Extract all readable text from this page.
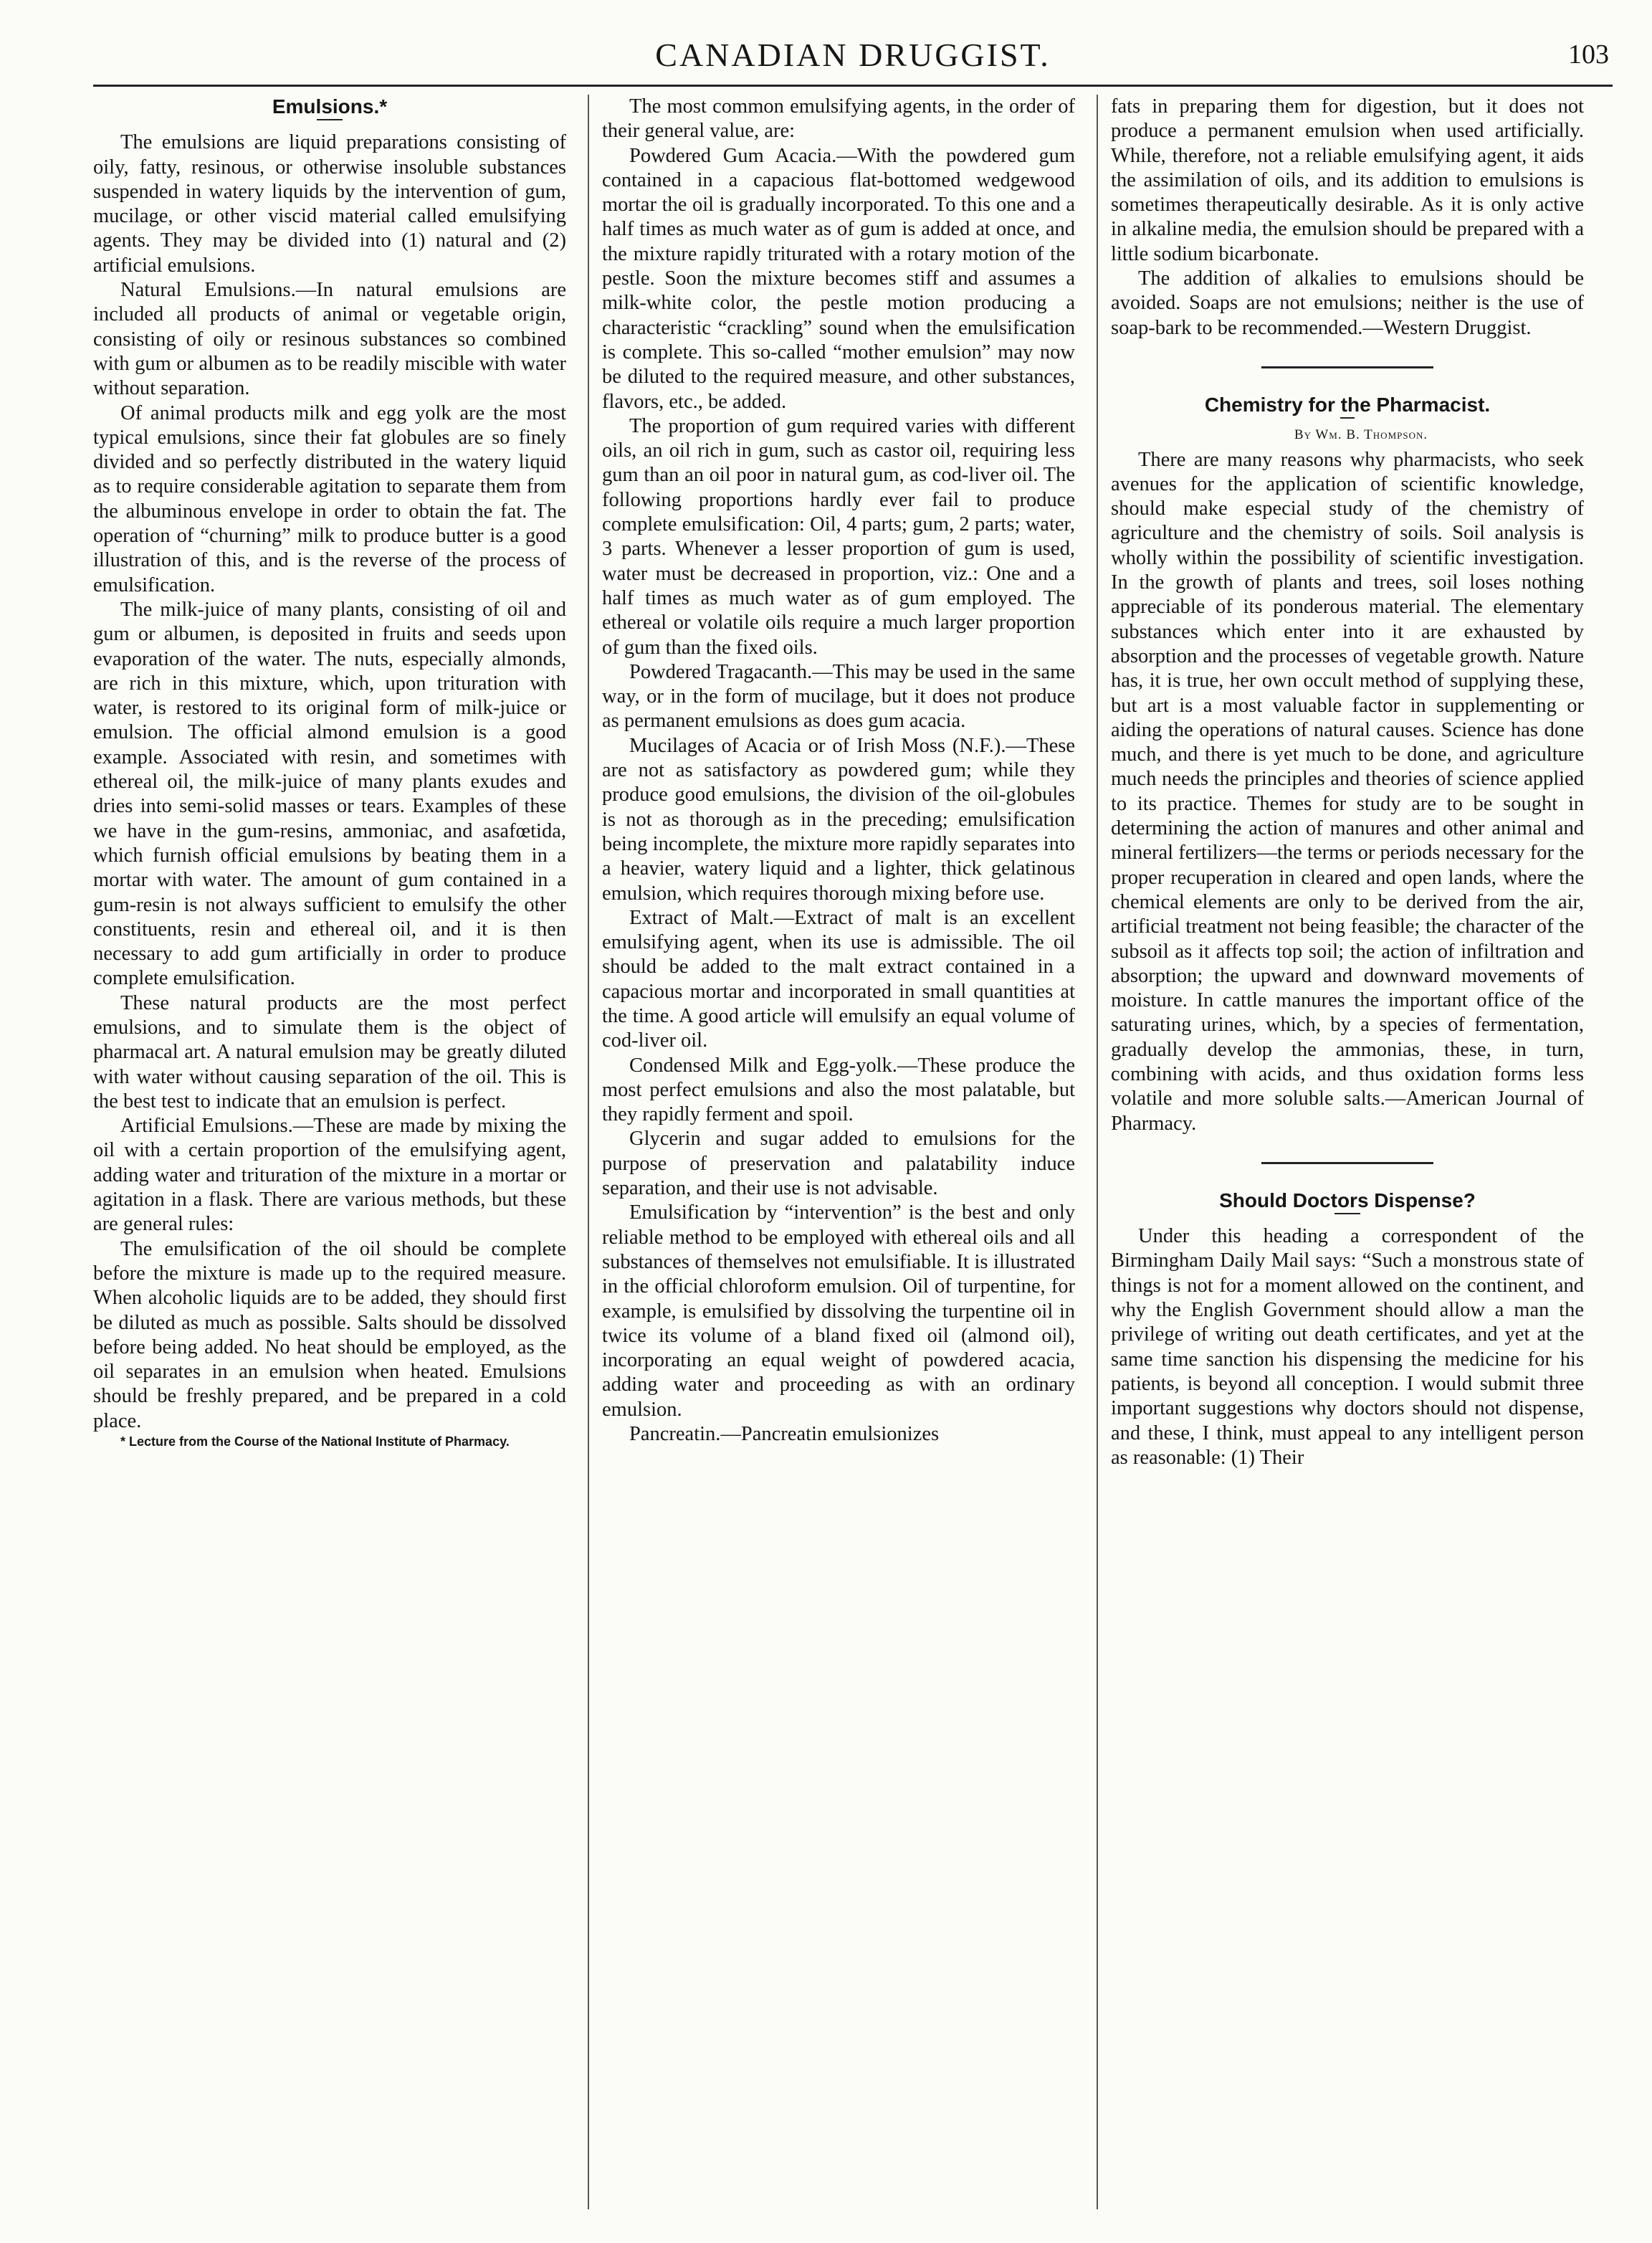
CANADIAN DRUGGIST.	103

Emulsions.*

The emulsions are liquid preparations consisting of oily, fatty, resinous, or otherwise insoluble substances suspended in watery liquids by the intervention of gum, mucilage, or other viscid material called emulsifying agents. They may be divided into (1) natural and (2) artificial emulsions.

Natural Emulsions.—In natural emulsions are included all products of animal or vegetable origin, consisting of oily or resinous substances so combined with gum or albumen as to be readily miscible with water without separation.

Of animal products milk and egg yolk are the most typical emulsions, since their fat globules are so finely divided and so perfectly distributed in the watery liquid as to require considerable agitation to separate them from the albuminous envelope in order to obtain the fat. The operation of “churning” milk to produce butter is a good illustration of this, and is the reverse of the process of emulsification.

The milk-juice of many plants, consisting of oil and gum or albumen, is deposited in fruits and seeds upon evaporation of the water. The nuts, especially almonds, are rich in this mixture, which, upon trituration with water, is restored to its original form of milk-juice or emulsion. The official almond emulsion is a good example. Associated with resin, and sometimes with ethereal oil, the milk-juice of many plants exudes and dries into semi-solid masses or tears. Examples of these we have in the gum-resins, ammoniac, and asafœtida, which furnish official emulsions by beating them in a mortar with water. The amount of gum contained in a gum-resin is not always sufficient to emulsify the other constituents, resin and ethereal oil, and it is then necessary to add gum artificially in order to produce complete emulsification.

These natural products are the most perfect emulsions, and to simulate them is the object of pharmacal art. A natural emulsion may be greatly diluted with water without causing separation of the oil. This is the best test to indicate that an emulsion is perfect.

Artificial Emulsions.—These are made by mixing the oil with a certain proportion of the emulsifying agent, adding water and trituration of the mixture in a mortar or agitation in a flask. There are various methods, but these are general rules:

The emulsification of the oil should be complete before the mixture is made up to the required measure. When alcoholic liquids are to be added, they should first be diluted as much as possible. Salts should be dissolved before being added. No heat should be employed, as the oil separates in an emulsion when heated. Emulsions should be freshly prepared, and be prepared in a cold place.

* Lecture from the Course of the National Institute of Pharmacy.

The most common emulsifying agents, in the order of their general value, are:

Powdered Gum Acacia.—With the powdered gum contained in a capacious flat-bottomed wedgewood mortar the oil is gradually incorporated. To this one and a half times as much water as of gum is added at once, and the mixture rapidly triturated with a rotary motion of the pestle. Soon the mixture becomes stiff and assumes a milk-white color, the pestle motion producing a characteristic “crackling” sound when the emulsification is complete. This so-called “mother emulsion” may now be diluted to the required measure, and other substances, flavors, etc., be added.

The proportion of gum required varies with different oils, an oil rich in gum, such as castor oil, requiring less gum than an oil poor in natural gum, as cod-liver oil. The following proportions hardly ever fail to produce complete emulsification: Oil, 4 parts; gum, 2 parts; water, 3 parts. Whenever a lesser proportion of gum is used, water must be decreased in proportion, viz.: One and a half times as much water as of gum employed. The ethereal or volatile oils require a much larger proportion of gum than the fixed oils.

Powdered Tragacanth.—This may be used in the same way, or in the form of mucilage, but it does not produce as permanent emulsions as does gum acacia.

Mucilages of Acacia or of Irish Moss (N.F.).—These are not as satisfactory as powdered gum; while they produce good emulsions, the division of the oil-globules is not as thorough as in the preceding; emulsification being incomplete, the mixture more rapidly separates into a heavier, watery liquid and a lighter, thick gelatinous emulsion, which requires thorough mixing before use.

Extract of Malt.—Extract of malt is an excellent emulsifying agent, when its use is admissible. The oil should be added to the malt extract contained in a capacious mortar and incorporated in small quantities at the time. A good article will emulsify an equal volume of cod-liver oil.

Condensed Milk and Egg-yolk.—These produce the most perfect emulsions and also the most palatable, but they rapidly ferment and spoil.

Glycerin and sugar added to emulsions for the purpose of preservation and palatability induce separation, and their use is not advisable.

Emulsification by “intervention” is the best and only reliable method to be employed with ethereal oils and all substances of themselves not emulsifiable. It is illustrated in the official chloroform emulsion. Oil of turpentine, for example, is emulsified by dissolving the turpentine oil in twice its volume of a bland fixed oil (almond oil), incorporating an equal weight of powdered acacia, adding water and proceeding as with an ordinary emulsion.

Pancreatin.—Pancreatin emulsionizes

fats in preparing them for digestion, but it does not produce a permanent emulsion when used artificially. While, therefore, not a reliable emulsifying agent, it aids the assimilation of oils, and its addition to emulsions is sometimes therapeutically desirable. As it is only active in alkaline media, the emulsion should be prepared with a little sodium bicarbonate.

The addition of alkalies to emulsions should be avoided. Soaps are not emulsions; neither is the use of soap-bark to be recommended.—Western Druggist.

Chemistry for the Pharmacist.

By Wm. B. Thompson.

There are many reasons why pharmacists, who seek avenues for the application of scientific knowledge, should make especial study of the chemistry of agriculture and the chemistry of soils. Soil analysis is wholly within the possibility of scientific investigation. In the growth of plants and trees, soil loses nothing appreciable of its ponderous material. The elementary substances which enter into it are exhausted by absorption and the processes of vegetable growth. Nature has, it is true, her own occult method of supplying these, but art is a most valuable factor in supplementing or aiding the operations of natural causes. Science has done much, and there is yet much to be done, and agriculture much needs the principles and theories of science applied to its practice. Themes for study are to be sought in determining the action of manures and other animal and mineral fertilizers—the terms or periods necessary for the proper recuperation in cleared and open lands, where the chemical elements are only to be derived from the air, artificial treatment not being feasible; the character of the subsoil as it affects top soil; the action of infiltration and absorption; the upward and downward movements of moisture. In cattle manures the important office of the saturating urines, which, by a species of fermentation, gradually develop the ammonias, these, in turn, combining with acids, and thus oxidation forms less volatile and more soluble salts.—American Journal of Pharmacy.

Should Doctors Dispense?

Under this heading a correspondent of the Birmingham Daily Mail says: “Such a monstrous state of things is not for a moment allowed on the continent, and why the English Government should allow a man the privilege of writing out death certificates, and yet at the same time sanction his dispensing the medicine for his patients, is beyond all conception. I would submit three important suggestions why doctors should not dispense, and these, I think, must appeal to any intelligent person as reasonable: (1) Their
